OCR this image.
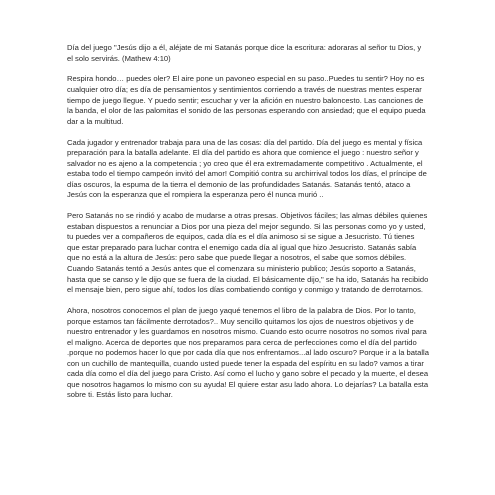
Día del juego "Jesús dijo a él, aléjate de mi Satanás porque dice la escritura: adoraras al señor tu Dios, y el solo servirás. (Mathew 4:10)

Respira hondo… puedes oler? El aire pone un pavoneo especial en su paso..Puedes tu sentir? Hoy no es cualquier otro día; es día de pensamientos y sentimientos corriendo a través de nuestras mentes esperar tiempo de juego llegue. Y puedo sentir; escuchar y ver la afición en nuestro baloncesto. Las canciones de la banda, el olor de las palomitas el sonido de las personas esperando con ansiedad; que el equipo pueda dar a la multitud.

Cada jugador y entrenador trabaja para una de las cosas: día del partido. Día del juego es mental y física preparación para la batalla adelante. El día del partido es ahora que comience el juego : nuestro señor y salvador no es ajeno a la competencia ; yo creo que él era extremadamente competitivo . Actualmente, el estaba todo el tiempo campeón invitó del amor! Compitió contra su archirrival todos los días, el príncipe de días oscuros, la espuma de la tierra el demonio de las profundidades Satanás. Satanás tentó, ataco a Jesús con la esperanza que el rompiera la esperanza pero él nunca murió ..

Pero Satanás no se rindió y acabo de mudarse a otras presas. Objetivos fáciles; las almas débiles quienes estaban dispuestos a renunciar a Dios por una pieza del mejor segundo. Si las personas como yo y usted, tu puedes ver a compañeros de equipos, cada día es el día animoso si se sigue a Jesucristo. Tú tienes que estar preparado para luchar contra el enemigo cada día al igual que hizo Jesucristo. Satanás sabía que no está a la altura de Jesús: pero sabe que puede llegar a nosotros, el sabe que somos débiles. Cuando Satanás tentó a Jesús antes que el comenzara su ministerio publico; Jesús soporto a Satanás, hasta que se canso y le dijo que se fuera de la ciudad. El básicamente dijo," se ha ido, Satanás ha recibido el mensaje bien, pero sigue ahí, todos los días combatiendo contigo y conmigo y tratando de derrotarnos.

Ahora, nosotros conocemos el plan de juego yaqué tenemos el libro de la palabra de Dios. Por lo tanto, porque estamos tan fácilmente derrotados?.. Muy sencillo quitamos los ojos de nuestros objetivos y de nuestro entrenador y les guardamos en nosotros mismo. Cuando esto ocurre nosotros no somos rival para el maligno. Acerca de deportes que nos preparamos para cerca de perfecciones como el día del partido .porque no podemos hacer lo que por cada día que nos enfrentamos...al lado oscuro? Porque ir a la batalla con un cuchillo de mantequilla, cuando usted puede tener la espada del espíritu en su lado? vamos a tirar cada día como el día del juego para Cristo. Así como el lucho y gano sobre el pecado y la muerte, el desea que nosotros hagamos lo mismo con su ayuda! El quiere estar asu lado ahora. Lo dejarías? La batalla esta sobre ti. Estás listo para luchar.
